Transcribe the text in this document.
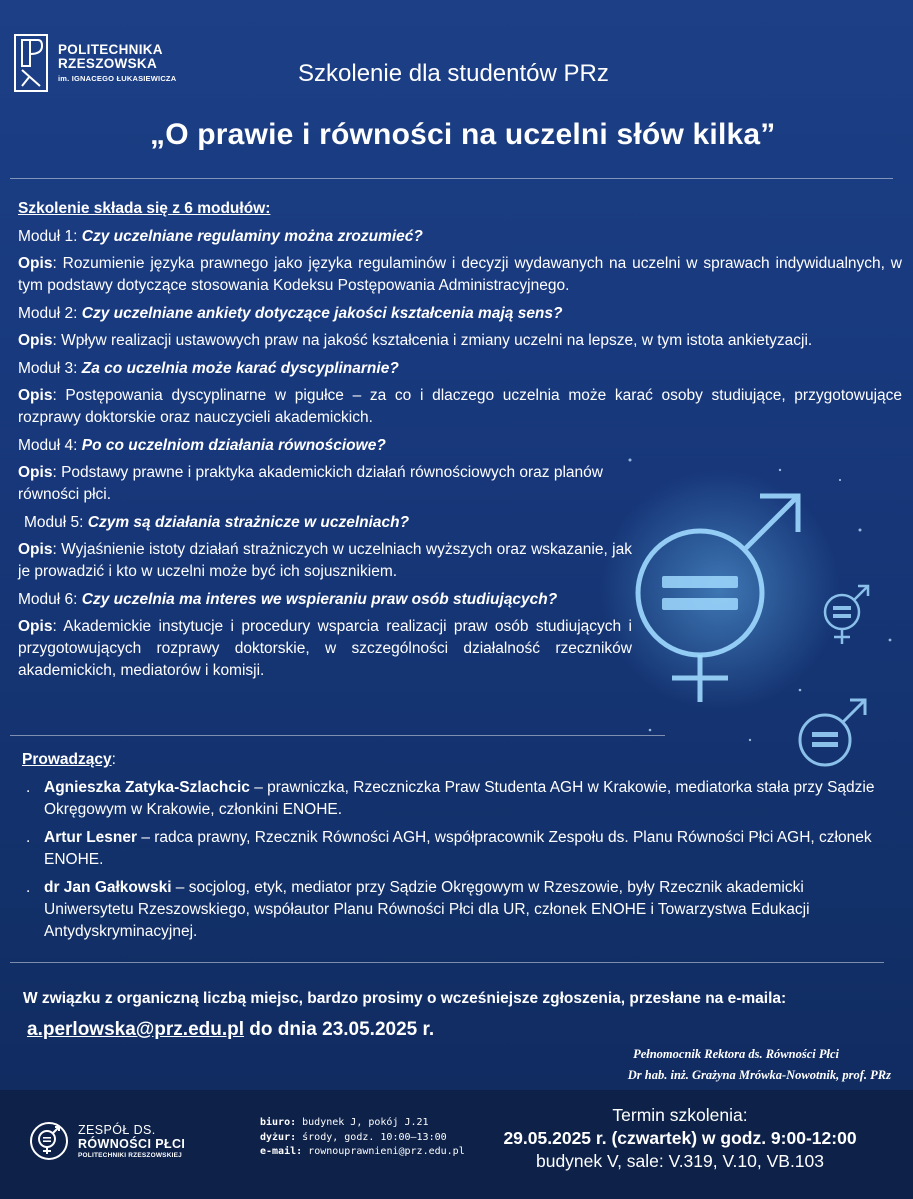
POLITECHNIKA
RZESZOWSKA
im. IGNACEGO ŁUKASIEWICZA	Szkolenie dla studentów PRz
„O prawie i równości na uczelni słów kilka”
Szkolenie składa się z 6 modułów:
Moduł 1: Czy uczelniane regulaminy można zrozumieć?
Opis: Rozumienie języka prawnego jako języka regulaminów i decyzji wydawanych na uczelni w sprawach indywidualnych, w tym podstawy dotyczące stosowania Kodeksu Postępowania Administracyjnego.
Moduł 2: Czy uczelniane ankiety dotyczące jakości kształcenia mają sens?
Opis: Wpływ realizacji ustawowych praw na jakość kształcenia i zmiany uczelni na lepsze, w tym istota ankietyzacji.
Moduł 3: Za co uczelnia może karać dyscyplinarnie?
Opis: Postępowania dyscyplinarne w pigułce – za co i dlaczego uczelnia może karać osoby studiujące, przygotowujące rozprawy doktorskie oraz nauczycieli akademickich.
Moduł 4: Po co uczelniom działania równościowe?
Opis: Podstawy prawne i praktyka akademickich działań równościowych oraz planów równości płci.
Moduł 5: Czym są działania strażnicze w uczelniach?
Opis: Wyjaśnienie istoty działań strażniczych w uczelniach wyższych oraz wskazanie, jak je prowadzić i kto w uczelni może być ich sojusznikiem.
Moduł 6: Czy uczelnia ma interes we wspieraniu praw osób studiujących?
Opis: Akademickie instytucje i procedury wsparcia realizacji praw osób studiujących i przygotowujących rozprawy doktorskie, w szczególności działalność rzeczników akademickich, mediatorów i komisji.
Prowadzący:
. Agnieszka Zatyka-Szlachcic – prawniczka, Rzeczniczka Praw Studenta AGH w Krakowie, mediatorka stała przy Sądzie Okręgowym w Krakowie, członkini ENOHE.
. Artur Lesner – radca prawny, Rzecznik Równości AGH, współpracownik Zespołu ds. Planu Równości Płci AGH, członek ENOHE.
. dr Jan Gałkowski – socjolog, etyk, mediator przy Sądzie Okręgowym w Rzeszowie, były Rzecznik akademicki Uniwersytetu Rzeszowskiego, współautor Planu Równości Płci dla UR, członek ENOHE i Towarzystwa Edukacji Antydyskryminacyjnej.
W związku z organiczną liczbą miejsc, bardzo prosimy o wcześniejsze zgłoszenia, przesłane na e-maila:
a.perlowska@prz.edu.pl do dnia 23.05.2025 r.
Pełnomocnik Rektora ds. Równości Płci
Dr hab. inż. Grażyna Mrówka-Nowotnik, prof. PRz
ZESPÓŁ DS.
RÓWNOŚCI PŁCI
POLITECHNIKI RZESZOWSKIEJ
biuro: budynek J, pokój J.21
dyżur: środy, godz. 10:00–13:00
e-mail: rownouprawnieni@prz.edu.pl
Termin szkolenia:
29.05.2025 r. (czwartek) w godz. 9:00-12:00
budynek V, sale: V.319, V.10, VB.103
